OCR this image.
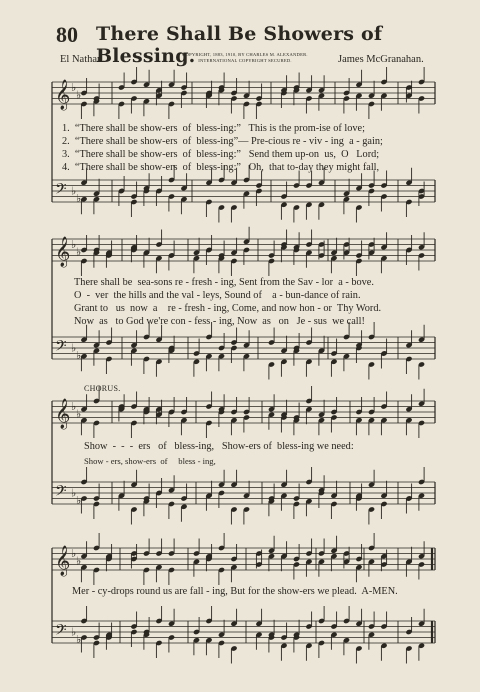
𝄞
𝄢
♭
♭
♭
♭
𝄞
𝄢
♭
♭
♭
♭
𝄞
𝄢
♭
♭
♭
♭
𝄞
𝄢
♭
♭
♭
♭
80 There Shall Be Showers of Blessing.
El Nathan.	COPYRIGHT, 1883, 1910, BY CHARLES M. ALEXANDER.
INTERNATIONAL COPYRIGHT SECURED.	James McGranahan.
1.  “There shall be show-ers  of  bless-ing:”   This is the prom-ise of love;
2.  “There shall be show-ers  of  bless-ing”— Pre-cious re - viv - ing  a - gain;
3.  “There shall be show-ers  of  bless-ing:”   Send them up-on  us,  O   Lord;
4.  “There shall be show-ers  of  bless-ing:”   Oh,  that to-day they might fall,
There shall be  sea-sons re - fresh - ing, Sent from the Sav - lor  a - bove.
O  -  ver  the hills and the val - leys, Sound of    a - bun-dance of rain.
Grant to   us  now  a    re - fresh - ing, Come, and now hon - or  Thy Word.
Now  as   to God we're con - fess - ing, Now  as   on   Je - sus  we call!
CHORUS.
Show  -  -  -  ers   of   bless-ing,   Show-ers of  bless-ing we need:
Show - ers, show-ers  of     bless - ing,
Mer - cy-drops round us are fall - ing, But for the show-ers we plead.  A-MEN.
